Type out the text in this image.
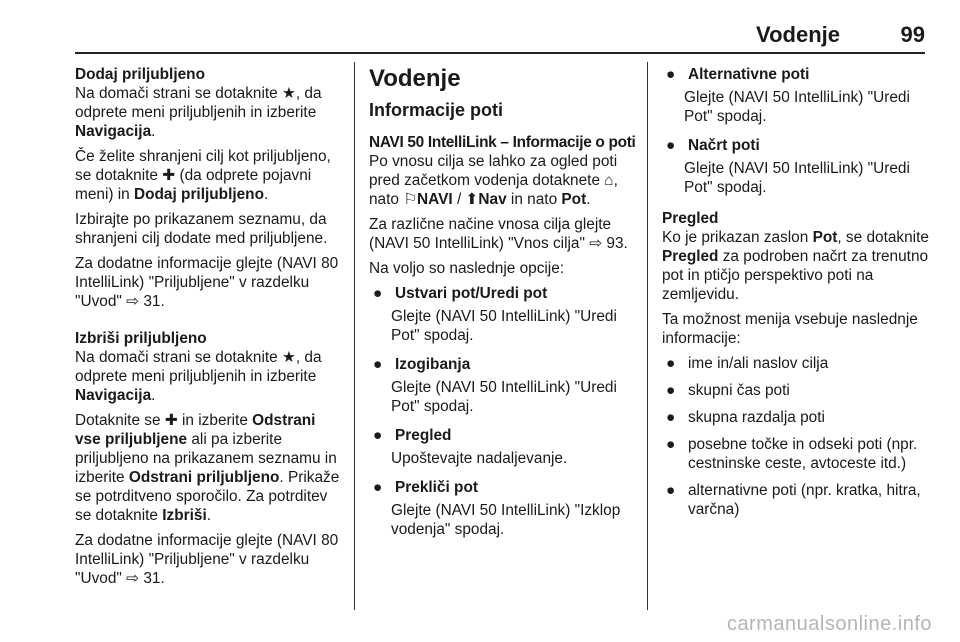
Vodenje	99

Dodaj priljubljeno

Na domači strani se dotaknite ★, da odprete meni priljubljenih in izberite Navigacija.

Če želite shranjeni cilj kot priljubljeno, se dotaknite ✚ (da odprete pojavni meni) in Dodaj priljubljeno.

Izbirajte po prikazanem seznamu, da shranjeni cilj dodate med priljubljene.

Za dodatne informacije glejte (NAVI 80 IntelliLink) "Priljubljene" v razdelku "Uvod" ⇨ 31.

Izbriši priljubljeno

Na domači strani se dotaknite ★, da odprete meni priljubljenih in izberite Navigacija.

Dotaknite se ✚ in izberite Odstrani vse priljubljene ali pa izberite priljubljeno na prikazanem seznamu in izberite Odstrani priljubljeno. Prikaže se potrditveno sporočilo. Za potrditev se dotaknite Izbriši.

Za dodatne informacije glejte (NAVI 80 IntelliLink) "Priljubljene" v razdelku "Uvod" ⇨ 31.

Vodenje

Informacije poti

NAVI 50 IntelliLink – Informacije o poti

Po vnosu cilja se lahko za ogled poti pred začetkom vodenja dotaknete ⌂, nato ⚐NAVI / ⬆Nav in nato Pot.

Za različne načine vnosa cilja glejte (NAVI 50 IntelliLink) "Vnos cilja" ⇨ 93.

Na voljo so naslednje opcije:

● Ustvari pot/Uredi pot

Glejte (NAVI 50 IntelliLink) "Uredi Pot" spodaj.

● Izogibanja

Glejte (NAVI 50 IntelliLink) "Uredi Pot" spodaj.

● Pregled

Upoštevajte nadaljevanje.

● Prekliči pot

Glejte (NAVI 50 IntelliLink) "Izklop vodenja" spodaj.

● Alternativne poti

Glejte (NAVI 50 IntelliLink) "Uredi Pot" spodaj.

● Načrt poti

Glejte (NAVI 50 IntelliLink) "Uredi Pot" spodaj.

Pregled

Ko je prikazan zaslon Pot, se dotaknite Pregled za podroben načrt za trenutno pot in ptičjo perspektivo poti na zemljevidu.

Ta možnost menija vsebuje naslednje informacije:

● ime in/ali naslov cilja
● skupni čas poti
● skupna razdalja poti
● posebne točke in odseki poti (npr. cestninske ceste, avtoceste itd.)
● alternativne poti (npr. kratka, hitra, varčna)
carmanualsonline.info
